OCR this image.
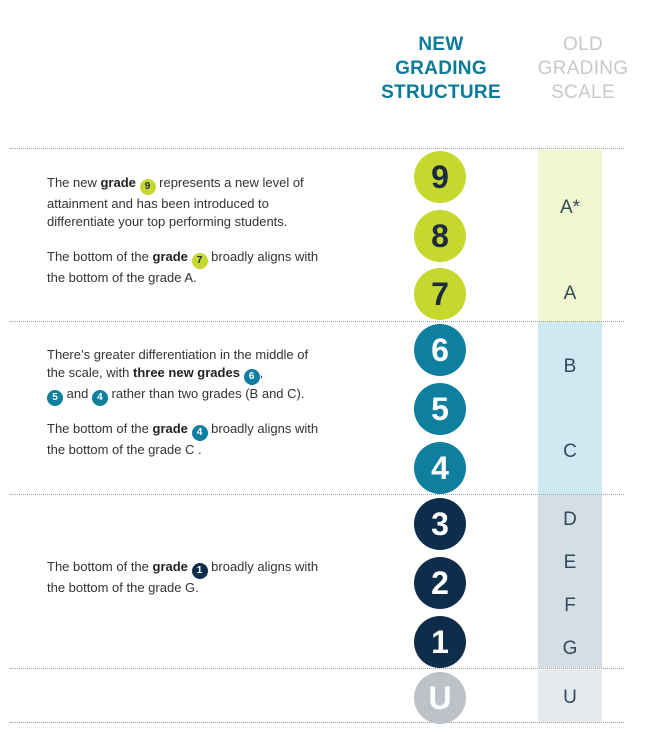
NEW
GRADING
STRUCTURE
OLD
GRADING
SCALE
9
8
7
6
5
4
3
2
1
U
A*
A
B
C
D
E
F
G
U
The new grade 9 represents a new level of attainment and has been introduced to differentiate your top performing students.
The bottom of the grade 7 broadly aligns with the bottom of the grade A.
There’s greater differentiation in the middle of the scale, with three new grades 6 ,
5 and 4 rather than two grades (B and C).
The bottom of the grade 4 broadly aligns with the bottom of the grade C .
The bottom of the grade 1 broadly aligns with the bottom of the grade G.
